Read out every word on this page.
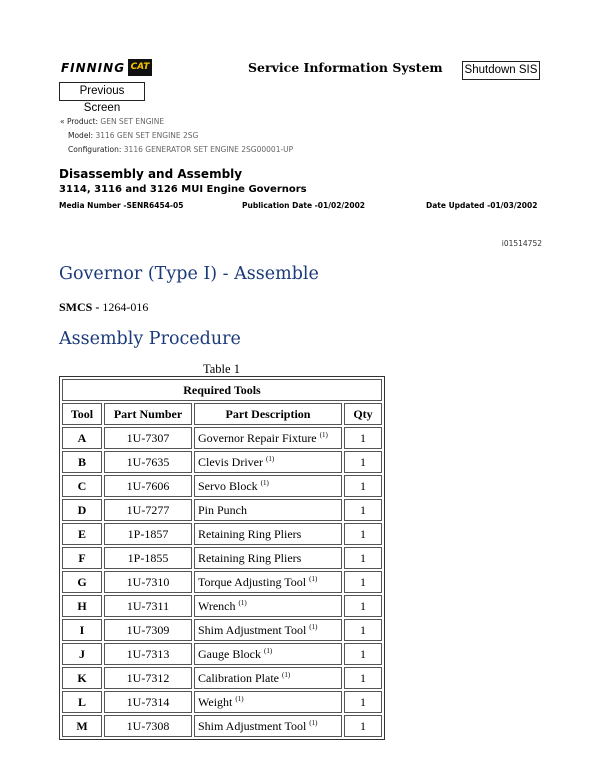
FINNING CAT	Service Information System Shutdown SIS
Previous Screen
« Product: GEN SET ENGINE
Model: 3116 GEN SET ENGINE 2SG
Configuration: 3116 GENERATOR SET ENGINE 2SG00001-UP
Disassembly and Assembly
3114, 3116 and 3126 MUI Engine Governors
Media Number -SENR6454-05	Publication Date -01/02/2002	Date Updated -01/03/2002
i01514752
Governor (Type I) - Assemble
SMCS - 1264-016
Assembly Procedure
Table 1
Required Tools			
Tool	Part Number	Part Description	Qty
A	1U-7307	Governor Repair Fixture $^{(1)}$	1
B	1U-7635	Clevis Driver $^{(1)}$	1
C	1U-7606	Servo Block $^{(1)}$	1
D	1U-7277	Pin Punch	1
E	1P-1857	Retaining Ring Pliers	1
F	1P-1855	Retaining Ring Pliers	1
G	1U-7310	Torque Adjusting Tool $^{(1)}$	1
H	1U-7311	Wrench $^{(1)}$	1
I	1U-7309	Shim Adjustment Tool $^{(1)}$	1
J	1U-7313	Gauge Block $^{(1)}$	1
K	1U-7312	Calibration Plate $^{(1)}$	1
L	1U-7314	Weight $^{(1)}$	1
M	1U-7308	Shim Adjustment Tool $^{(1)}$	1
